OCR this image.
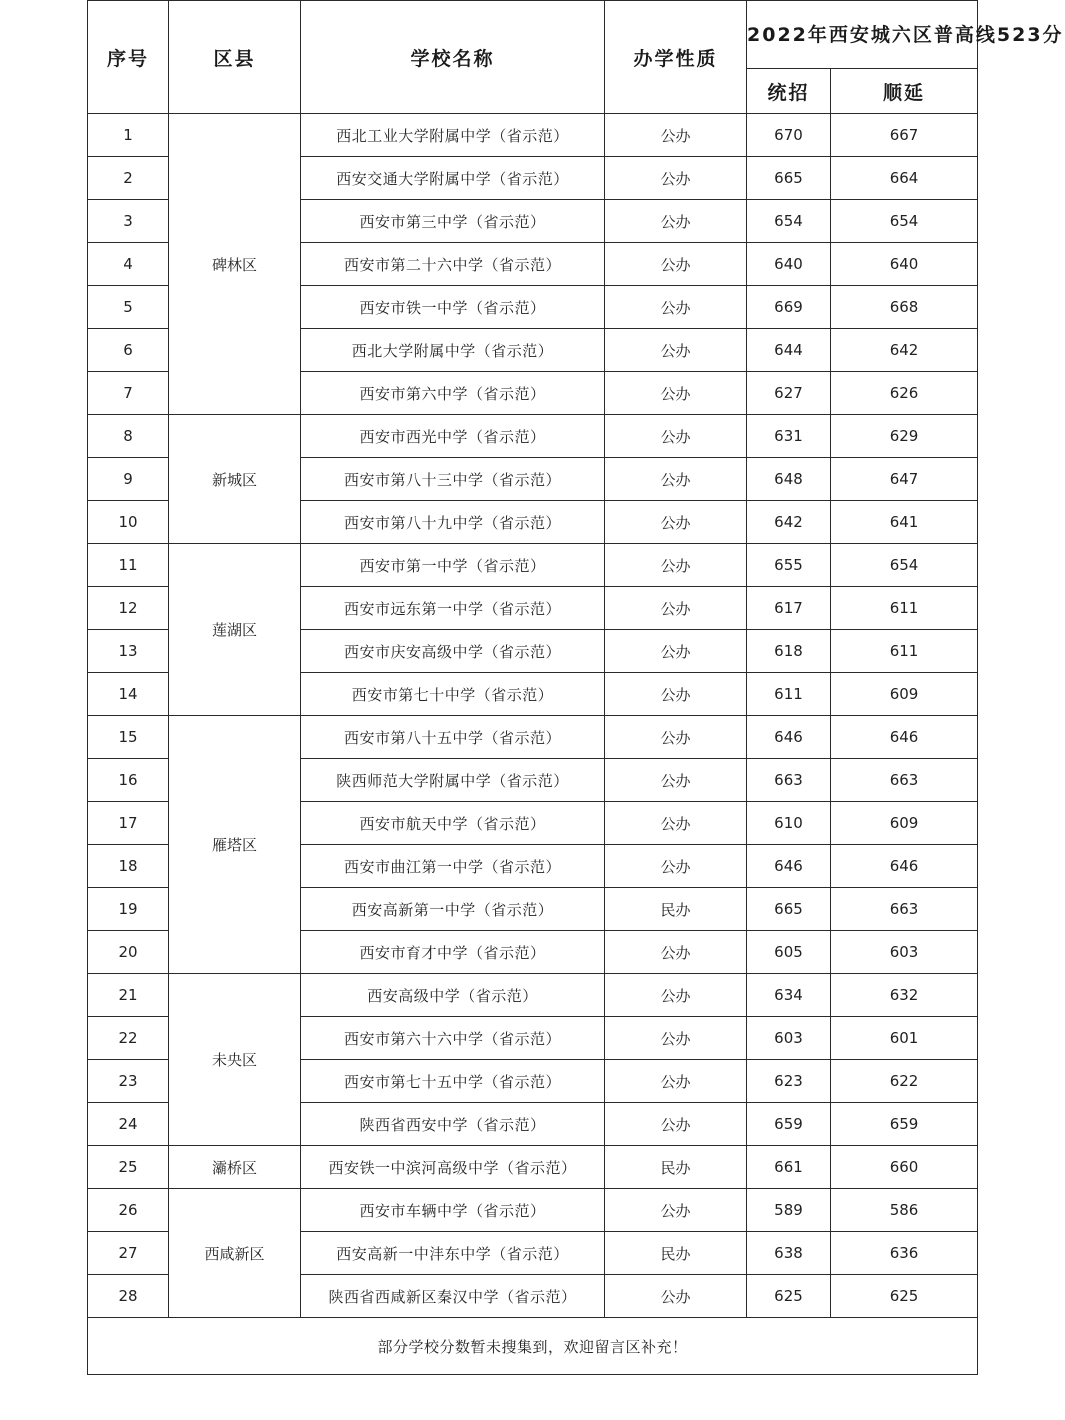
序号	区县	学校名称	办学性质	2022年西安城六区普高线523分	
				统招	顺延
1	碑林区	西北工业大学附属中学（省示范）	公办	670	667
2		西安交通大学附属中学（省示范）	公办	665	664
3		西安市第三中学（省示范）	公办	654	654
4		西安市第二十六中学（省示范）	公办	640	640
5		西安市铁一中学（省示范）	公办	669	668
6		西北大学附属中学（省示范）	公办	644	642
7		西安市第六中学（省示范）	公办	627	626
8	新城区	西安市西光中学（省示范）	公办	631	629
9		西安市第八十三中学（省示范）	公办	648	647
10		西安市第八十九中学（省示范）	公办	642	641
11	莲湖区	西安市第一中学（省示范）	公办	655	654
12		西安市远东第一中学（省示范）	公办	617	611
13		西安市庆安高级中学（省示范）	公办	618	611
14		西安市第七十中学（省示范）	公办	611	609
15	雁塔区	西安市第八十五中学（省示范）	公办	646	646
16		陕西师范大学附属中学（省示范）	公办	663	663
17		西安市航天中学（省示范）	公办	610	609
18		西安市曲江第一中学（省示范）	公办	646	646
19		西安高新第一中学（省示范）	民办	665	663
20		西安市育才中学（省示范）	公办	605	603
21	未央区	西安高级中学（省示范）	公办	634	632
22		西安市第六十六中学（省示范）	公办	603	601
23		西安市第七十五中学（省示范）	公办	623	622
24		陕西省西安中学（省示范）	公办	659	659
25	灞桥区	西安铁一中滨河高级中学（省示范）	民办	661	660
26	西咸新区	西安市车辆中学（省示范）	公办	589	586
27		西安高新一中沣东中学（省示范）	民办	638	636
28		陕西省西咸新区秦汉中学（省示范）	公办	625	625
部分学校分数暂未搜集到，欢迎留言区补充！					
